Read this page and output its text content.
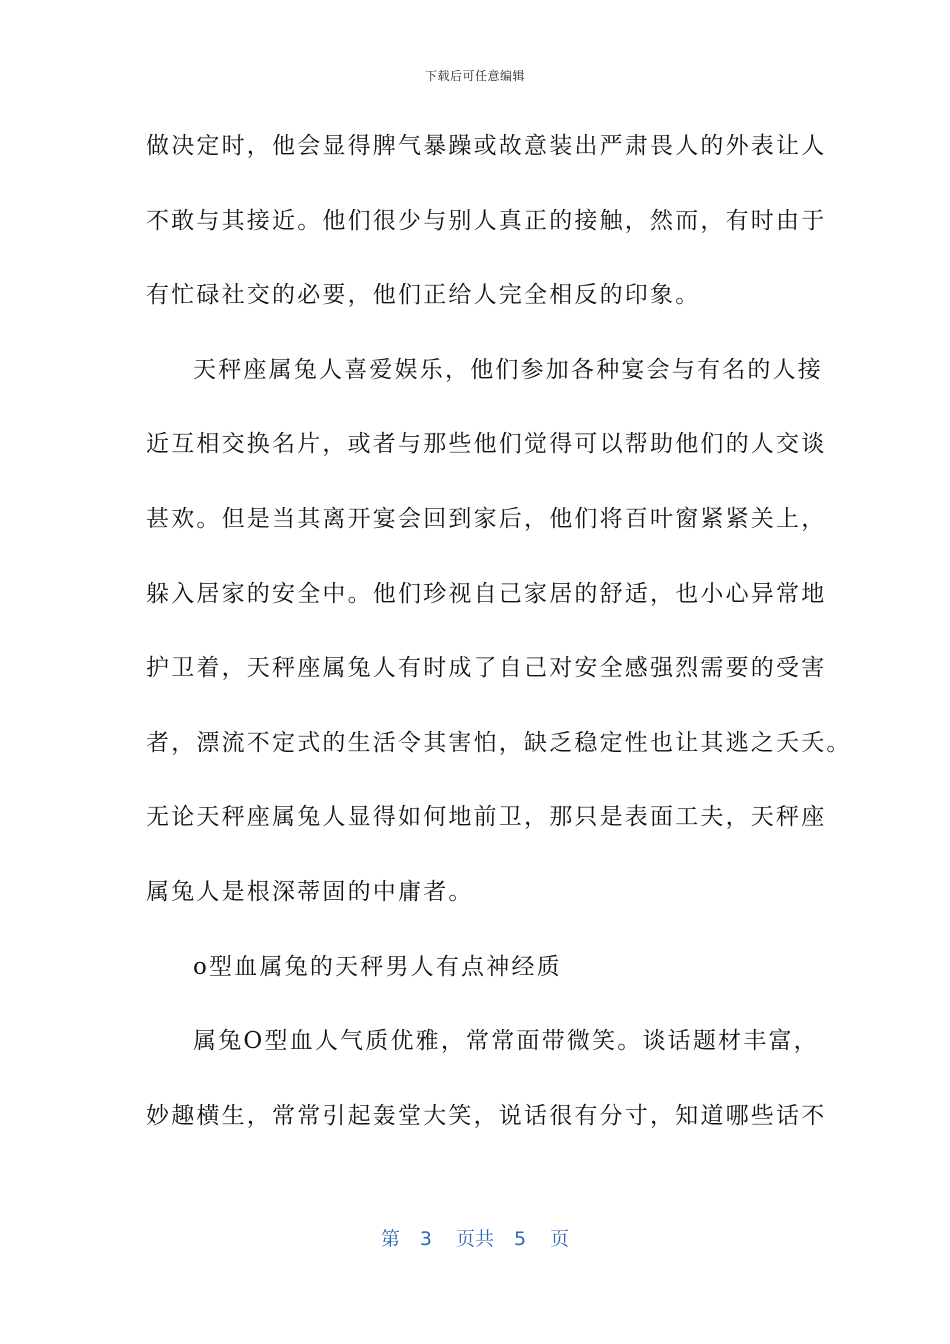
下载后可任意编辑
做决定时，他会显得脾气暴躁或故意装出严肃畏人的外表让人
不敢与其接近。他们很少与别人真正的接触，然而，有时由于
有忙碌社交的必要，他们正给人完全相反的印象。
天秤座属兔人喜爱娱乐，他们参加各种宴会与有名的人接
近互相交换名片，或者与那些他们觉得可以帮助他们的人交谈
甚欢。但是当其离开宴会回到家后，他们将百叶窗紧紧关上，
躲入居家的安全中。他们珍视自己家居的舒适，也小心异常地
护卫着，天秤座属兔人有时成了自己对安全感强烈需要的受害
者，漂流不定式的生活令其害怕，缺乏稳定性也让其逃之夭夭。
无论天秤座属兔人显得如何地前卫，那只是表面工夫，天秤座
属兔人是根深蒂固的中庸者。
o型血属兔的天秤男人有点神经质
属兔O型血人气质优雅，常常面带微笑。谈话题材丰富，
妙趣横生，常常引起轰堂大笑，说话很有分寸，知道哪些话不
第 3 页共 5 页
